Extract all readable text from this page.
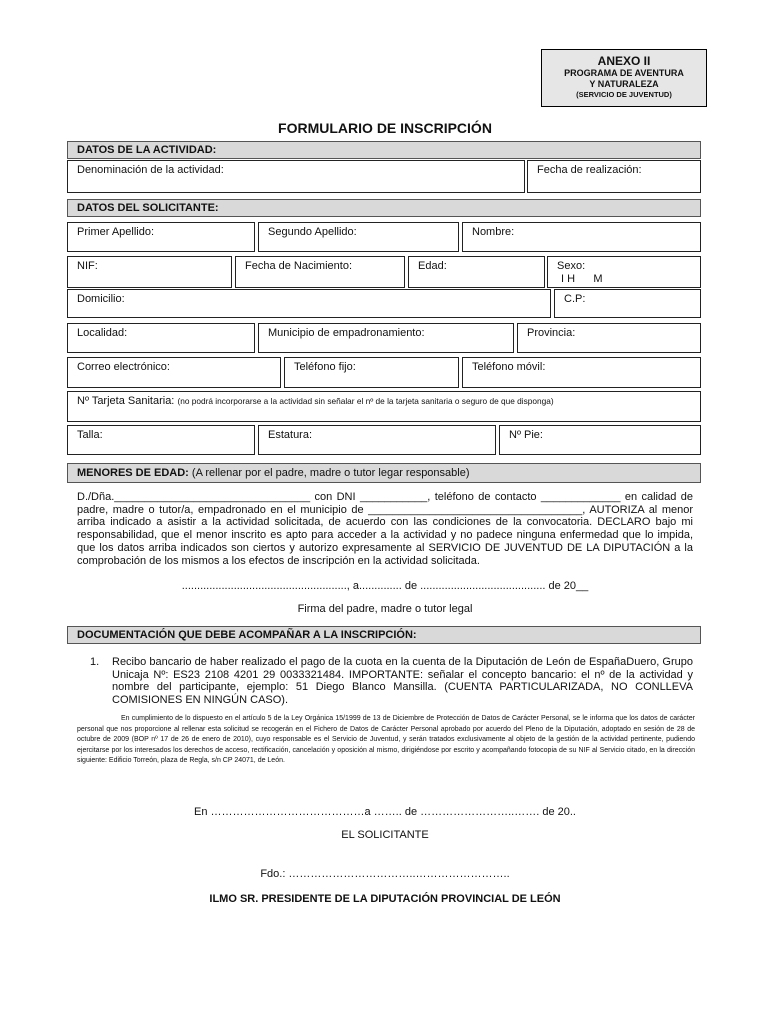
ANEXO II
PROGRAMA DE AVENTURA
Y NATURALEZA
(SERVICIO DE JUVENTUD)
FORMULARIO DE INSCRIPCIÓN
DATOS DE LA ACTIVIDAD:
Denominación de la actividad:	Fecha de realización:
DATOS DEL SOLICITANTE:
Primer Apellido:	Segundo Apellido:	Nombre:
NIF:	Fecha de Nacimiento:	Edad:	Sexo:
I H      M
Domicilio:	C.P:
Localidad:	Municipio de empadronamiento:	Provincia:
Correo electrónico:	Teléfono fijo:	Teléfono móvil:
Nº Tarjeta Sanitaria: (no podrá incorporarse a la actividad sin señalar el nº de la tarjeta sanitaria o seguro de que disponga)
Talla:	Estatura:	Nº Pie:
MENORES DE EDAD: (A rellenar por el padre, madre o tutor legar responsable)
D./Dña.________________________________ con DNI ___________, teléfono de contacto _____________ en calidad de padre, madre o tutor/a, empadronado en el municipio de ___________________________________, AUTORIZA al menor arriba indicado a asistir a la actividad solicitada, de acuerdo con las condiciones de la convocatoria. DECLARO bajo mi responsabilidad, que el menor inscrito es apto para acceder a la actividad y no padece ninguna enfermedad que lo impida, que los datos arriba indicados son ciertos y autorizo expresamente al SERVICIO DE JUVENTUD DE LA DIPUTACIÓN a la comprobación de los mismos a los efectos de inscripción en la actividad solicitada.
......................................................, a.............. de ......................................... de 20__
Firma del padre, madre o tutor legal
DOCUMENTACIÓN QUE DEBE ACOMPAÑAR A LA INSCRIPCIÓN:
1. Recibo bancario de haber realizado el pago de la cuota en la cuenta de la Diputación de León de EspañaDuero, Grupo Unicaja Nº: ES23 2108 4201 29 0033321484. IMPORTANTE: señalar el concepto bancario: el nº de la actividad y nombre del participante, ejemplo: 51 Diego Blanco Mansilla. (CUENTA PARTICULARIZADA, NO CONLLEVA COMISIONES EN NINGÚN CASO).
En cumplimiento de lo dispuesto en el artículo 5 de la Ley Orgánica 15/1999 de 13 de Diciembre de Protección de Datos de Carácter Personal, se le informa que los datos de carácter personal que nos proporcione al rellenar esta solicitud se recogerán en el Fichero de Datos de Carácter Personal aprobado por acuerdo del Pleno de la Diputación, adoptado en sesión de 28 de octubre de 2009 (BOP nº 17 de 26 de enero de 2010), cuyo responsable es el Servicio de Juventud, y serán tratados exclusivamente al objeto de la gestión de la actividad pertinente, pudiendo ejercitarse por los interesados los derechos de acceso, rectificación, cancelación y oposición al mismo, dirigiéndose por escrito y acompañando fotocopia de su NIF al Servicio citado, en la dirección siguiente: Edificio Torreón, plaza de Regla, s/n CP 24071, de León.
En ……………………………………a …….. de ……………………..……. de 20..
EL SOLICITANTE
Fdo.: ……………………………..……………………..
ILMO SR. PRESIDENTE DE LA DIPUTACIÓN PROVINCIAL DE LEÓN
